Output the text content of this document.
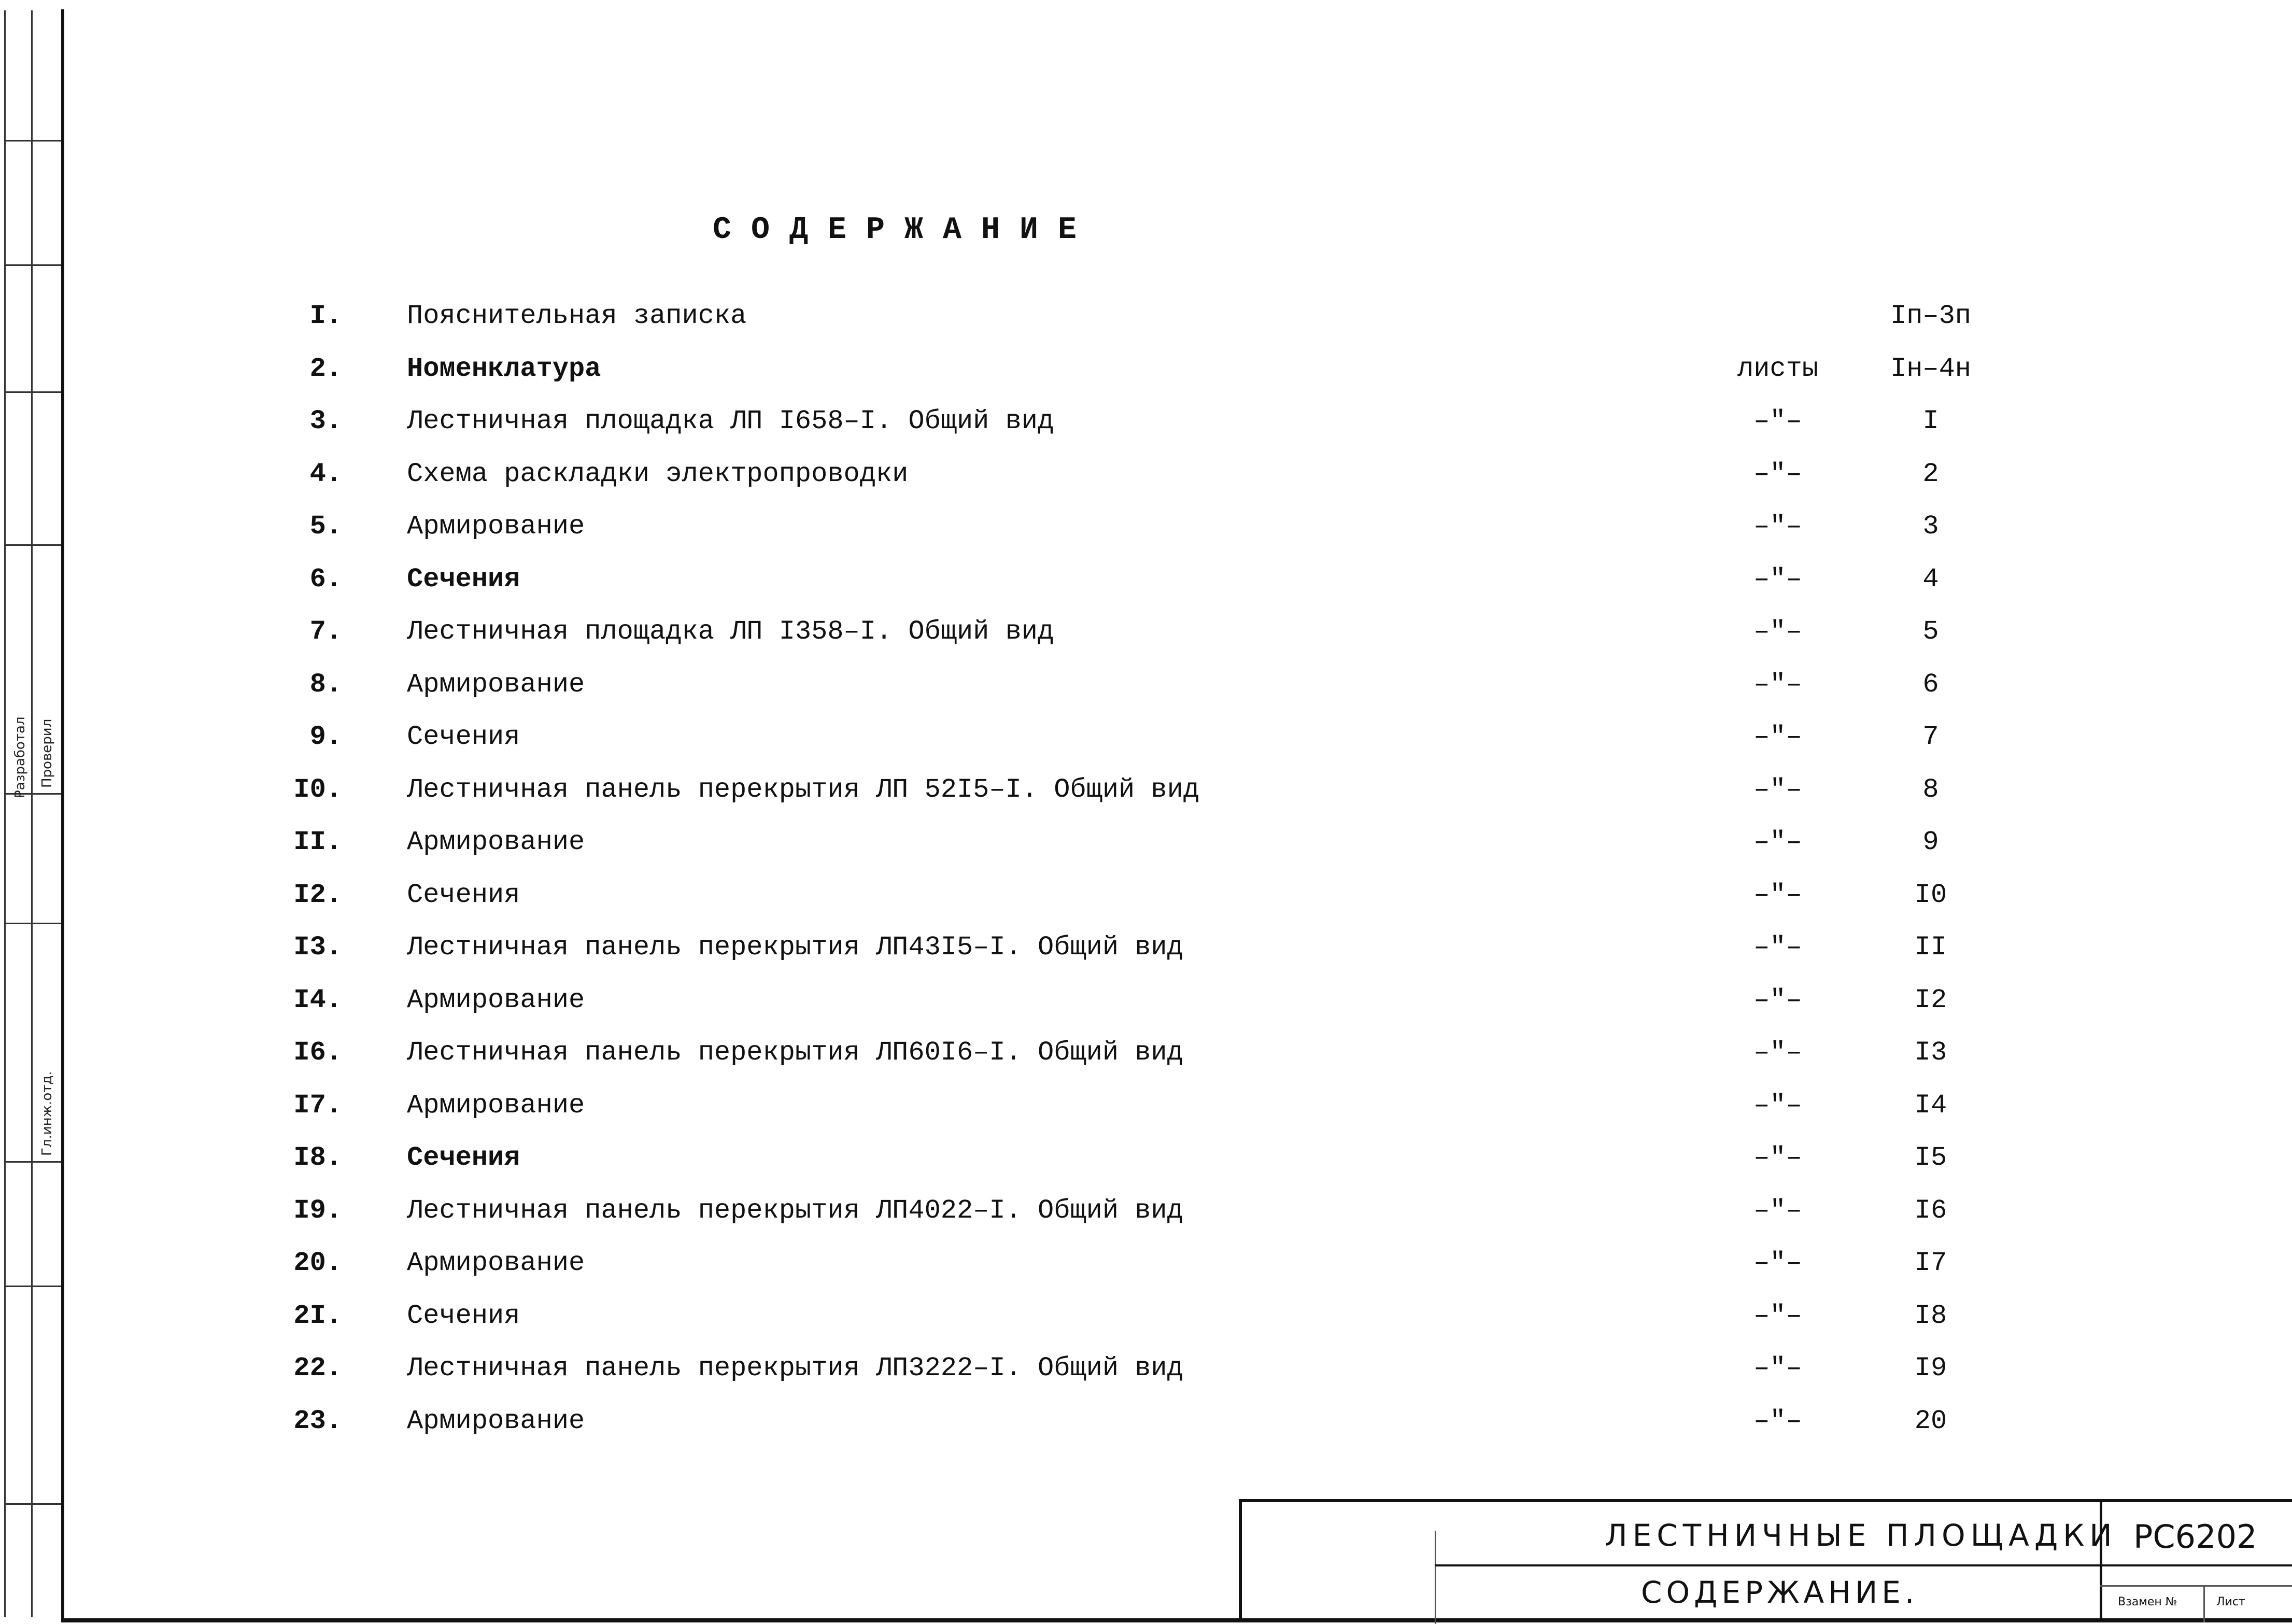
Разработал Проверил
Гл.инж.отд.
СОДЕРЖАНИЕ
I. Пояснительная записка	Iп–3п
2. Номенклатура	листы	Iн–4н
3. Лестничная площадка ЛП I658–I. Общий вид	–"–	I
4. Схема раскладки электропроводки	–"–	2
5. Армирование	–"–	3
6. Сечения	–"–	4
7. Лестничная площадка ЛП I358–I. Общий вид	–"–	5
8. Армирование	–"–	6
9. Сечения	–"–	7
I0. Лестничная панель перекрытия ЛП 52I5–I. Общий вид	–"–	8
II. Армирование	–"–	9
I2. Сечения	–"–	I0
I3. Лестничная панель перекрытия ЛП43I5–I. Общий вид	–"–	II
I4. Армирование	–"–	I2
I6. Лестничная панель перекрытия ЛП60I6–I. Общий вид	–"–	I3
I7. Армирование	–"–	I4
I8. Сечения	–"–	I5
I9. Лестничная панель перекрытия ЛП4022–I. Общий вид	–"–	I6
20. Армирование	–"–	I7
2I. Сечения	–"–	I8
22. Лестничная панель перекрытия ЛП3222–I. Общий вид	–"–	I9
23. Армирование	–"–	20
ЛЕСТНИЧНЫЕ ПЛОЩАДКИ
СОДЕРЖАНИЕ.
РС6202
Взамен №	Лист
